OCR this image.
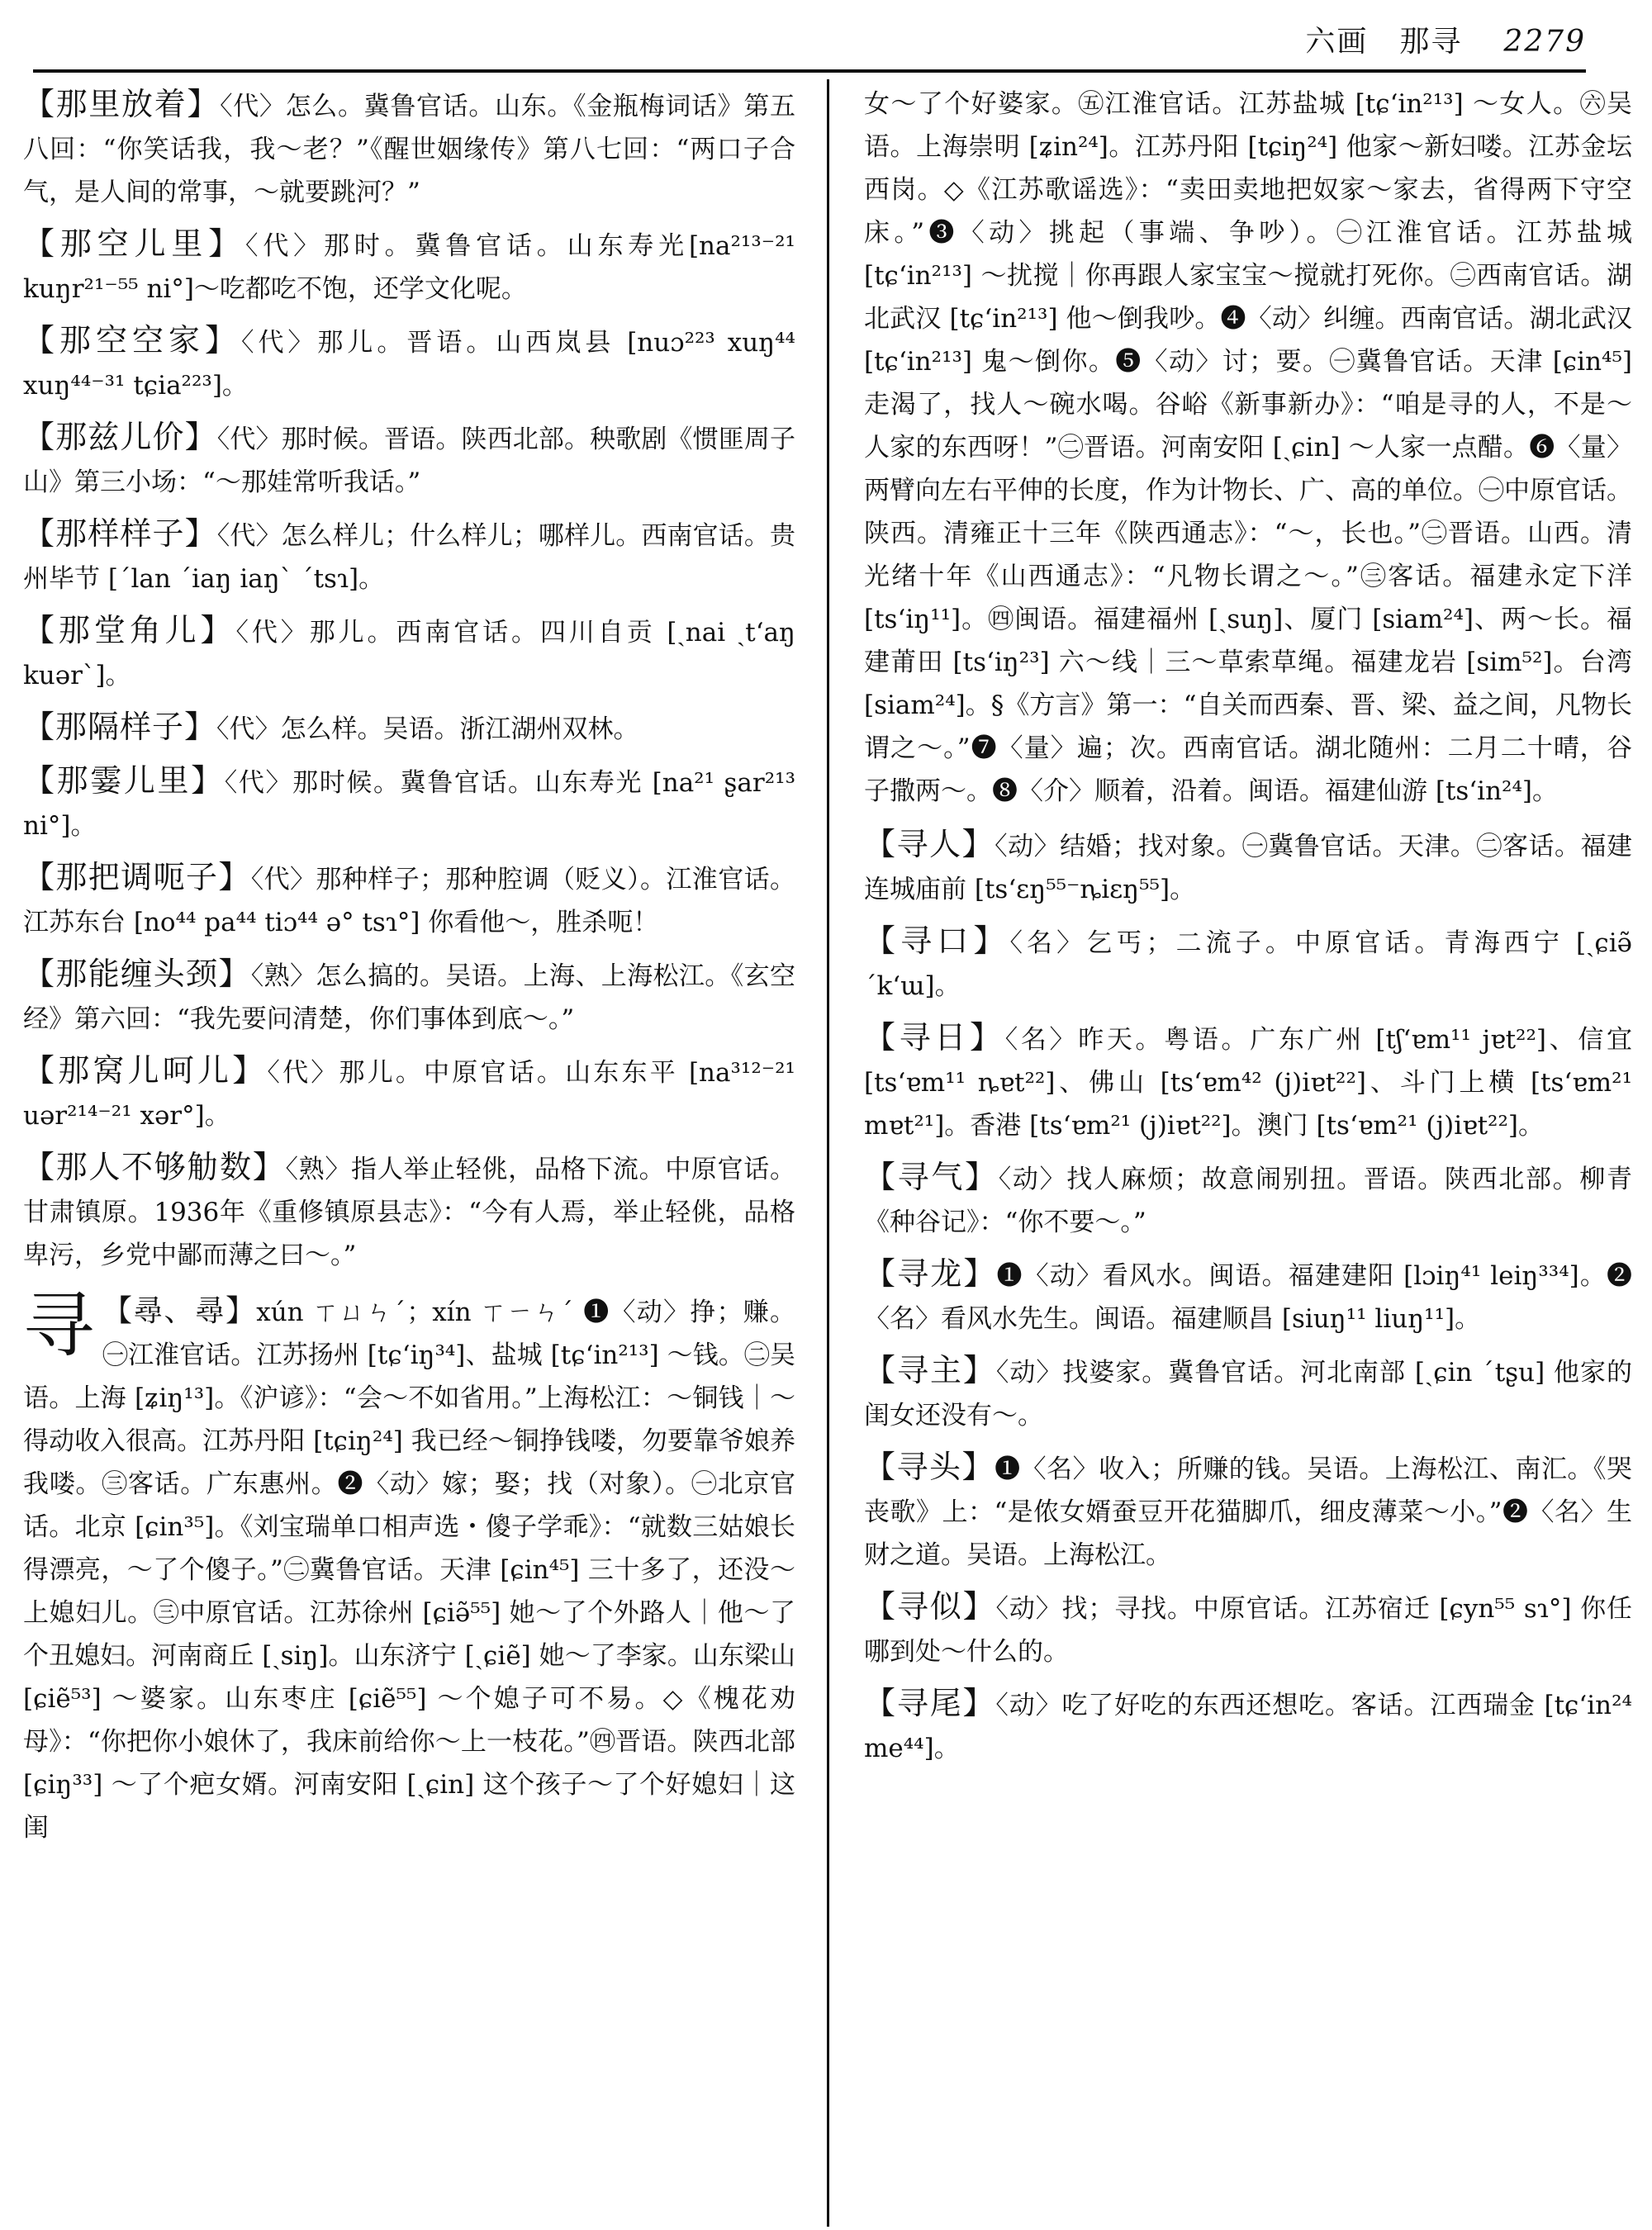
六画　那寻 2279
【那里放着】〈代〉怎么。冀鲁官话。山东。《金瓶梅词话》第五八回：“你笑话我，我～老？”《醒世姻缘传》第八七回：“两口子合气，是人间的常事，～就要跳河？”
【那空儿里】〈代〉那时。冀鲁官话。山东寿光[na²¹³⁻²¹ kuŋr²¹⁻⁵⁵ ni°]～吃都吃不饱，还学文化呢。
【那空空家】〈代〉那儿。晋语。山西岚县 [nuɔ²²³ xuŋ⁴⁴ xuŋ⁴⁴⁻³¹ tɕia²²³]。
【那兹儿价】〈代〉那时候。晋语。陕西北部。秧歌剧《惯匪周子山》第三小场：“～那娃常听我话。”
【那样样子】〈代〉怎么样儿；什么样儿；哪样儿。西南官话。贵州毕节 [ˊlan ˊiaŋ iaŋˋ ˊtsɿ]。
【那堂角儿】〈代〉那儿。西南官话。四川自贡 [ˏnai ˏtʻaŋ kuərˋ]。
【那隔样子】〈代〉怎么样。吴语。浙江湖州双林。
【那霎儿里】〈代〉那时候。冀鲁官话。山东寿光 [na²¹ ʂar²¹³ ni°]。
【那把调呃子】〈代〉那种样子；那种腔调（贬义）。江淮官话。江苏东台 [no⁴⁴ pa⁴⁴ tiɔ⁴⁴ ə° tsɿ°] 你看他～，胜杀呃！
【那能缠头颈】〈熟〉怎么搞的。吴语。上海、上海松江。《玄空经》第六回：“我先要问清楚，你们事体到底～。”
【那窝儿呵儿】〈代〉那儿。中原官话。山东东平 [na³¹²⁻²¹ uər²¹⁴⁻²¹ xər°]。
【那人不够觔数】〈熟〉指人举止轻佻，品格下流。中原官话。甘肃镇原。1936年《重修镇原县志》：“今有人焉，举止轻佻，品格卑污，乡党中鄙而薄之曰～。”
寻 【尋、尋】xún ㄒㄩㄣˊ；xín ㄒㄧㄣˊ ❶〈动〉挣；赚。㊀江淮官话。江苏扬州 [tɕʻiŋ³⁴]、盐城 [tɕʻin²¹³] ～钱。㊁吴语。上海 [ʑiŋ¹³]。《沪谚》：“会～不如省用。”上海松江：～铜钱｜～得动收入很高。江苏丹阳 [tɕiŋ²⁴] 我已经～铜挣钱喽，勿要靠爷娘养我喽。㊂客话。广东惠州。❷〈动〉嫁；娶；找（对象）。㊀北京官话。北京 [ɕin³⁵]。《刘宝瑞单口相声选・傻子学乖》：“就数三姑娘长得漂亮，～了个傻子。”㊁冀鲁官话。天津 [ɕin⁴⁵] 三十多了，还没～上媳妇儿。㊂中原官话。江苏徐州 [ɕiə̃⁵⁵] 她～了个外路人｜他～了个丑媳妇。河南商丘 [ˏsiŋ]。山东济宁 [ˏɕiẽ] 她～了李家。山东梁山 [ɕiẽ⁵³] ～婆家。山东枣庄 [ɕiẽ⁵⁵] ～个媳子可不易。◇《槐花劝母》：“你把你小娘休了，我床前给你～上一枝花。”㊃晋语。陕西北部 [ɕiŋ³³] ～了个疤女婿。河南安阳 [ˏɕin] 这个孩子～了个好媳妇｜这闺
女～了个好婆家。㊄江淮官话。江苏盐城 [tɕʻin²¹³] ～女人。㊅吴语。上海崇明 [ʑin²⁴]。江苏丹阳 [tɕiŋ²⁴] 他家～新妇喽。江苏金坛西岗。◇《江苏歌谣选》：“卖田卖地把奴家～家去，省得两下守空床。”❸〈动〉挑起（事端、争吵）。㊀江淮官话。江苏盐城 [tɕʻin²¹³] ～扰搅｜你再跟人家宝宝～搅就打死你。㊁西南官话。湖北武汉 [tɕʻin²¹³] 他～倒我吵。❹〈动〉纠缠。西南官话。湖北武汉 [tɕʻin²¹³] 鬼～倒你。❺〈动〉讨；要。㊀冀鲁官话。天津 [ɕin⁴⁵] 走渴了，找人～碗水喝。谷峪《新事新办》：“咱是寻的人，不是～人家的东西呀！”㊁晋语。河南安阳 [ˏɕin] ～人家一点醋。❻〈量〉两臂向左右平伸的长度，作为计物长、广、高的单位。㊀中原官话。陕西。清雍正十三年《陕西通志》：“～，长也。”㊁晋语。山西。清光绪十年《山西通志》：“凡物长谓之～。”㊂客话。福建永定下洋 [tsʻiŋ¹¹]。㊃闽语。福建福州 [ˏsuŋ]、厦门 [siam²⁴]、两～长。福建莆田 [tsʻiŋ²³] 六～线｜三～草索草绳。福建龙岩 [sim⁵²]。台湾 [siam²⁴]。§《方言》第一：“自关而西秦、晋、梁、益之间，凡物长谓之～。”❼〈量〉遍；次。西南官话。湖北随州：二月二十晴，谷子撒两～。❽〈介〉顺着，沿着。闽语。福建仙游 [tsʻin²⁴]。
【寻人】〈动〉结婚；找对象。㊀冀鲁官话。天津。㊁客话。福建连城庙前 [tsʻɛŋ⁵⁵⁻ȵiɛŋ⁵⁵]。
【寻口】〈名〉乞丐；二流子。中原官话。青海西宁 [ˏɕiə̃ ˊkʻɯ]。
【寻日】〈名〉昨天。粤语。广东广州 [tʃʻɐm¹¹ jɐt²²]、信宜 [tsʻɐm¹¹ ȵɐt²²]、佛山 [tsʻɐm⁴² (j)iɐt²²]、斗门上横 [tsʻɐm²¹ mɐt²¹]。香港 [tsʻɐm²¹ (j)iɐt²²]。澳门 [tsʻɐm²¹ (j)iɐt²²]。
【寻气】〈动〉找人麻烦；故意闹别扭。晋语。陕西北部。柳青《种谷记》：“你不要～。”
【寻龙】❶〈动〉看风水。闽语。福建建阳 [lɔiŋ⁴¹ leiŋ³³⁴]。❷〈名〉看风水先生。闽语。福建顺昌 [siuŋ¹¹ liuŋ¹¹]。
【寻主】〈动〉找婆家。冀鲁官话。河北南部 [ˏɕin ˊtʂu] 他家的闺女还没有～。
【寻头】❶〈名〉收入；所赚的钱。吴语。上海松江、南汇。《哭丧歌》上：“是侬女婿蚕豆开花猫脚爪，细皮薄菜～小。”❷〈名〉生财之道。吴语。上海松江。
【寻似】〈动〉找；寻找。中原官话。江苏宿迁 [ɕyn⁵⁵ sɿ°] 你任哪到处～什么的。
【寻尾】〈动〉吃了好吃的东西还想吃。客话。江西瑞金 [tɕʻin²⁴ me⁴⁴]。
